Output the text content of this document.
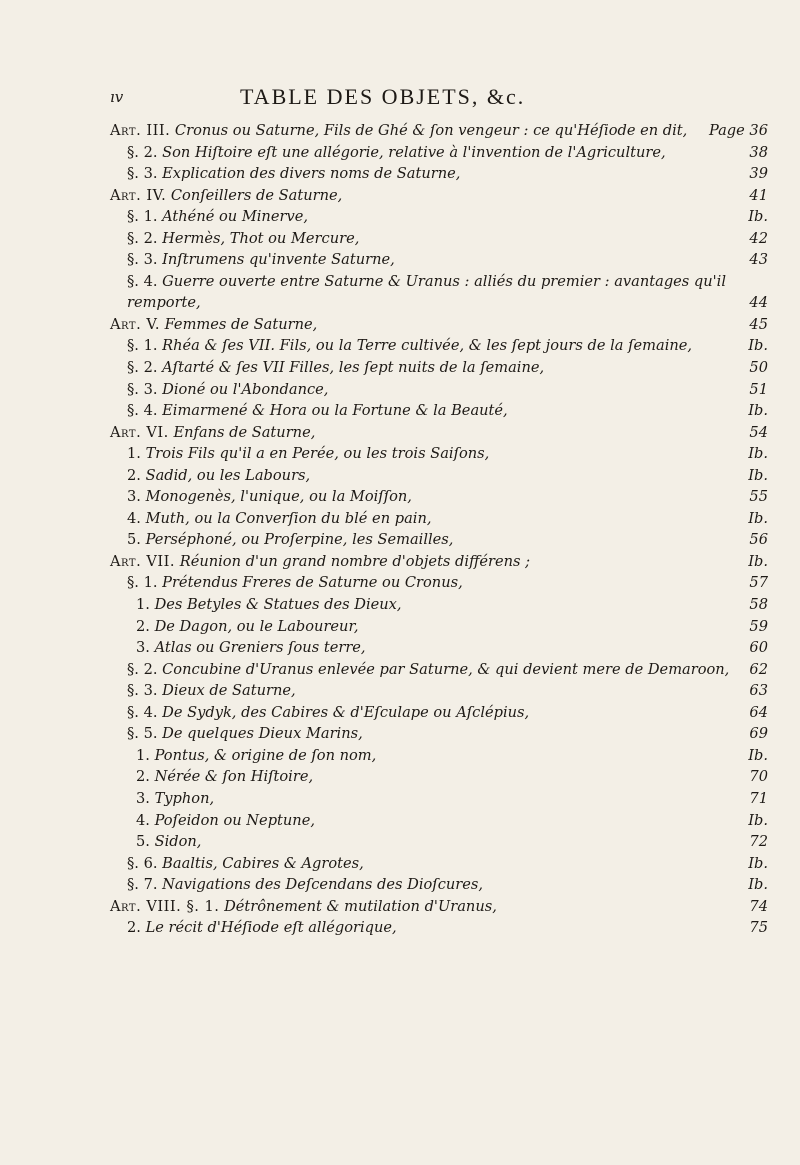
ıv	TABLE DES OBJETS, &c.
Art. III. Cronus ou Saturne, Fils de Ghé & ſon vengeur : ce qu'Héſiode en dit,	Page 36
§. 2. Son Hiſtoire eſt une allégorie, relative à l'invention de l'Agriculture,	38
§. 3. Explication des divers noms de Saturne,	39
Art. IV. Conſeillers de Saturne,	41
§. 1. Athéné ou Minerve,	Ib.
§. 2. Hermès, Thot ou Mercure,	42
§. 3. Inſtrumens qu'invente Saturne,	43
§. 4. Guerre ouverte entre Saturne & Uranus : alliés du premier : avantages qu'il remporte,	44
Art. V. Femmes de Saturne,	45
§. 1. Rhéa & ſes VII. Fils, ou la Terre cultivée, & les ſept jours de la ſemaine,	Ib.
§. 2. Aſtarté & ſes VII Filles, les ſept nuits de la ſemaine,	50
§. 3. Dioné ou l'Abondance,	51
§. 4. Eimarmené & Hora ou la Fortune & la Beauté,	Ib.
Art. VI. Enfans de Saturne,	54
1. Trois Fils qu'il a en Perée, ou les trois Saiſons,	Ib.
2. Sadid, ou les Labours,	Ib.
3. Monogenès, l'unique, ou la Moiſſon,	55
4. Muth, ou la Converſion du blé en pain,	Ib.
5. Perséphoné, ou Proſerpine, les Semailles,	56
Art. VII. Réunion d'un grand nombre d'objets différens ;	Ib.
§. 1. Prétendus Freres de Saturne ou Cronus,	57
1. Des Betyles & Statues des Dieux,	58
2. De Dagon, ou le Laboureur,	59
3. Atlas ou Greniers ſous terre,	60
§. 2. Concubine d'Uranus enlevée par Saturne, & qui devient mere de Demaroon,	62
§. 3. Dieux de Saturne,	63
§. 4. De Sydyk, des Cabires & d'Eſculape ou Aſclépius,	64
§. 5. De quelques Dieux Marins,	69
1. Pontus, & origine de ſon nom,	Ib.
2. Nérée & ſon Hiſtoire,	70
3. Typhon,	71
4. Poſeidon ou Neptune,	Ib.
5. Sidon,	72
§. 6. Baaltis, Cabires & Agrotes,	Ib.
§. 7. Navigations des Deſcendans des Dioſcures,	Ib.
Art. VIII. §. 1. Détrônement & mutilation d'Uranus,	74
2. Le récit d'Héſiode eſt allégorique,	75
